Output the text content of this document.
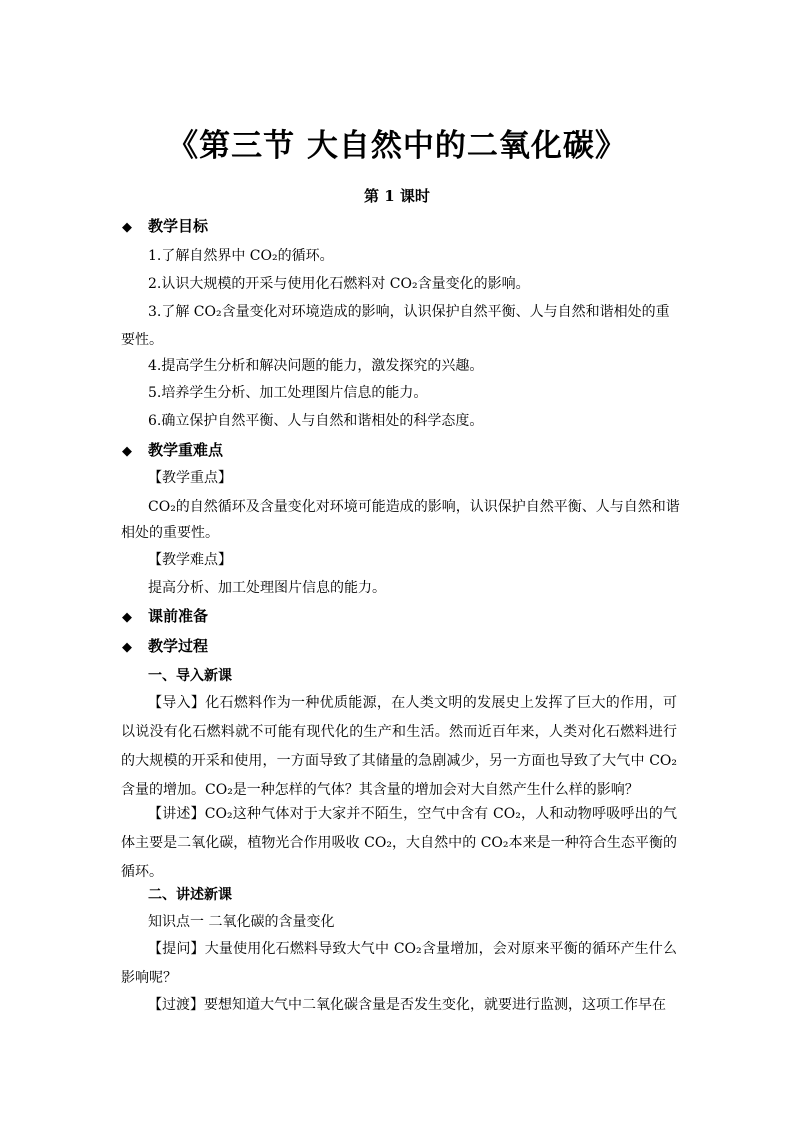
《第三节 大自然中的二氧化碳》
第 1 课时
◆ 教学目标
1.了解自然界中 CO₂的循环。
2.认识大规模的开采与使用化石燃料对 CO₂含量变化的影响。
3.了解 CO₂含量变化对环境造成的影响，认识保护自然平衡、人与自然和谐相处的重
要性。
4.提高学生分析和解决问题的能力，激发探究的兴趣。
5.培养学生分析、加工处理图片信息的能力。
6.确立保护自然平衡、人与自然和谐相处的科学态度。
◆ 教学重难点
【教学重点】
CO₂的自然循环及含量变化对环境可能造成的影响，认识保护自然平衡、人与自然和谐
相处的重要性。
【教学难点】
提高分析、加工处理图片信息的能力。
◆ 课前准备
◆ 教学过程
一、导入新课
【导入】化石燃料作为一种优质能源，在人类文明的发展史上发挥了巨大的作用，可以说没有化石燃料就不可能有现代化的生产和生活。然而近百年来，人类对化石燃料进行的大规模的开采和使用，一方面导致了其储量的急剧减少，另一方面也导致了大气中 CO₂含量的增加。CO₂是一种怎样的气体？其含量的增加会对大自然产生什么样的影响？
【讲述】CO₂这种气体对于大家并不陌生，空气中含有 CO₂，人和动物呼吸呼出的气体主要是二氧化碳，植物光合作用吸收 CO₂，大自然中的 CO₂本来是一种符合生态平衡的循环。
二、讲述新课
知识点一 二氧化碳的含量变化
【提问】大量使用化石燃料导致大气中 CO₂含量增加，会对原来平衡的循环产生什么影响呢？
【过渡】要想知道大气中二氧化碳含量是否发生变化，就要进行监测，这项工作早在
